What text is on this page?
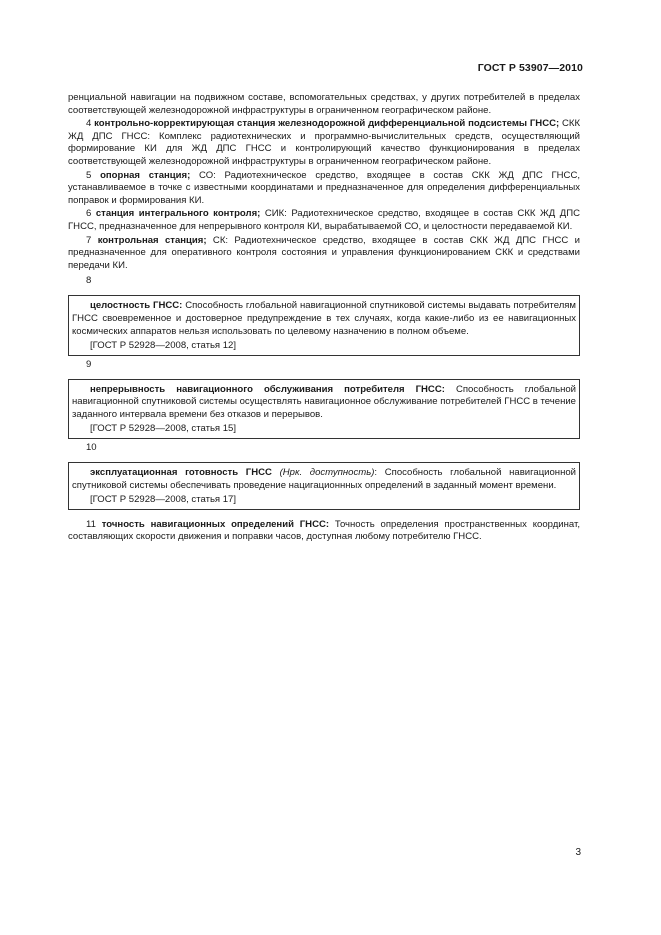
ГОСТ Р 53907—2010

ренциальной навигации на подвижном составе, вспомогательных средствах, у других потребителей в пределах соответствующей железнодорожной инфраструктуры в ограниченном географическом районе.

4 контрольно-корректирующая станция железнодорожной дифференциальной подсистемы ГНСС; СКК ЖД ДПС ГНСС: Комплекс радиотехнических и программно-вычислительных средств, осуществляющий формирование КИ для ЖД ДПС ГНСС и контролирующий качество функционирования в пределах соответствующей железнодорожной инфраструктуры в ограниченном географическом районе.

5 опорная станция; СО: Радиотехническое средство, входящее в состав СКК ЖД ДПС ГНСС, устанавливаемое в точке с известными координатами и предназначенное для определения дифференциальных поправок и формирования КИ.

6 станция интегрального контроля; СИК: Радиотехническое средство, входящее в состав СКК ЖД ДПС ГНСС, предназначенное для непрерывного контроля КИ, вырабатываемой СО, и целостности передаваемой КИ.

7 контрольная станция; СК: Радиотехническое средство, входящее в состав СКК ЖД ДПС ГНСС и предназначенное для оперативного контроля состояния и управления функционированием СКК и средствами передачи КИ.

8

целостность ГНСС: Способность глобальной навигационной спутниковой системы выдавать потребителям ГНСС своевременное и достоверное предупреждение в тех случаях, когда какие-либо из ее навигационных космических аппаратов нельзя использовать по целевому назначению в полном объеме.

[ГОСТ Р 52928—2008, статья 12]

9

непрерывность навигационного обслуживания потребителя ГНСС: Способность глобальной навигационной спутниковой системы осуществлять навигационное обслуживание потребителей ГНСС в течение заданного интервала времени без отказов и перерывов.

[ГОСТ Р 52928—2008, статья 15]

10

эксплуатационная готовность ГНСС (Нрк. доступность): Способность глобальной навигационной спутниковой системы обеспечивать проведение нацигационнных определений в заданный момент времени.

[ГОСТ Р 52928—2008, статья 17]

11 точность навигационных определений ГНСС: Точность определения пространственных координат, составляющих скорости движения и поправки часов, доступная любому потребителю ГНСС.

3
